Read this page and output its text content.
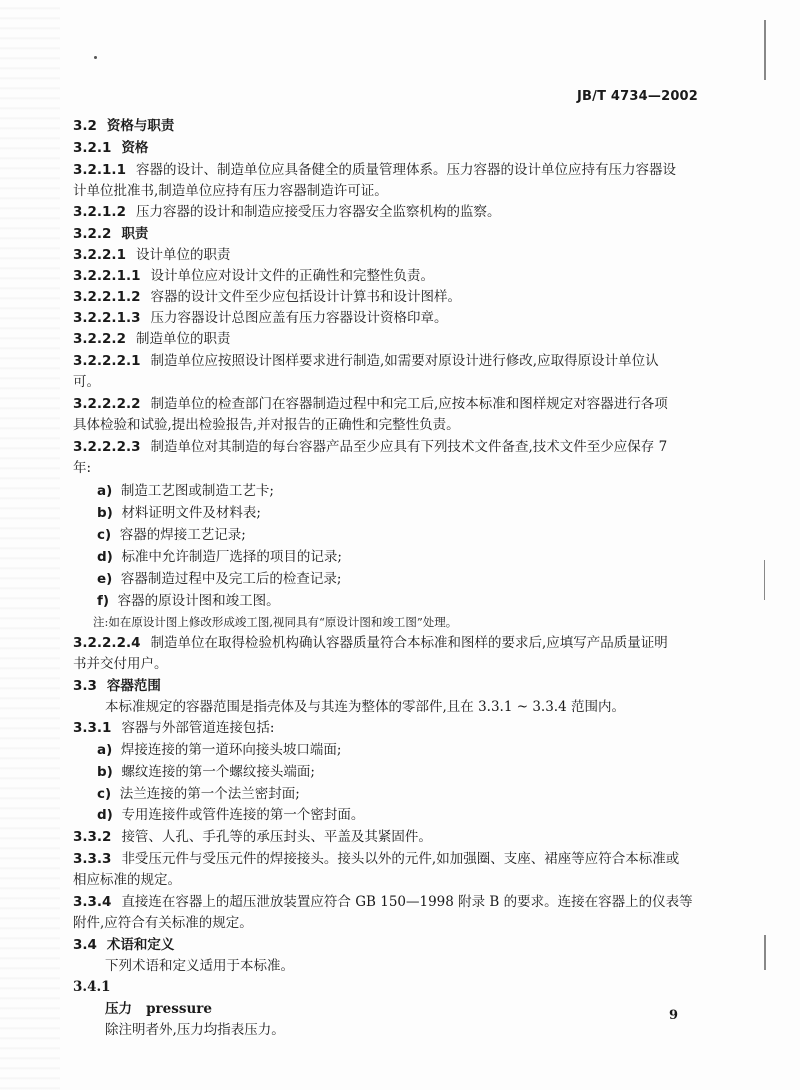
JB/T 4734—2002
3.2 资格与职责
3.2.1 资格
3.2.1.1 容器的设计、制造单位应具备健全的质量管理体系。压力容器的设计单位应持有压力容器设
计单位批准书,制造单位应持有压力容器制造许可证。
3.2.1.2 压力容器的设计和制造应接受压力容器安全监察机构的监察。
3.2.2 职责
3.2.2.1 设计单位的职责
3.2.2.1.1 设计单位应对设计文件的正确性和完整性负责。
3.2.2.1.2 容器的设计文件至少应包括设计计算书和设计图样。
3.2.2.1.3 压力容器设计总图应盖有压力容器设计资格印章。
3.2.2.2 制造单位的职责
3.2.2.2.1 制造单位应按照设计图样要求进行制造,如需要对原设计进行修改,应取得原设计单位认
可。
3.2.2.2.2 制造单位的检查部门在容器制造过程中和完工后,应按本标准和图样规定对容器进行各项
具体检验和试验,提出检验报告,并对报告的正确性和完整性负责。
3.2.2.2.3 制造单位对其制造的每台容器产品至少应具有下列技术文件备查,技术文件至少应保存 7
年:
a) 制造工艺图或制造工艺卡;
b) 材料证明文件及材料表;
c) 容器的焊接工艺记录;
d) 标准中允许制造厂选择的项目的记录;
e) 容器制造过程中及完工后的检查记录;
f) 容器的原设计图和竣工图。
注:如在原设计图上修改形成竣工图,视同具有“原设计图和竣工图”处理。
3.2.2.2.4 制造单位在取得检验机构确认容器质量符合本标准和图样的要求后,应填写产品质量证明
书并交付用户。
3.3 容器范围
本标准规定的容器范围是指壳体及与其连为整体的零部件,且在 3.3.1 ~ 3.3.4 范围内。
3.3.1 容器与外部管道连接包括:
a) 焊接连接的第一道环向接头坡口端面;
b) 螺纹连接的第一个螺纹接头端面;
c) 法兰连接的第一个法兰密封面;
d) 专用连接件或管件连接的第一个密封面。
3.3.2 接管、人孔、手孔等的承压封头、平盖及其紧固件。
3.3.3 非受压元件与受压元件的焊接接头。接头以外的元件,如加强圈、支座、裙座等应符合本标准或
相应标准的规定。
3.3.4 直接连在容器上的超压泄放装置应符合 GB 150—1998 附录 B 的要求。连接在容器上的仪表等
附件,应符合有关标准的规定。
3.4 术语和定义
下列术语和定义适用于本标准。
3.4.1
压力 pressure
除注明者外,压力均指表压力。
9
